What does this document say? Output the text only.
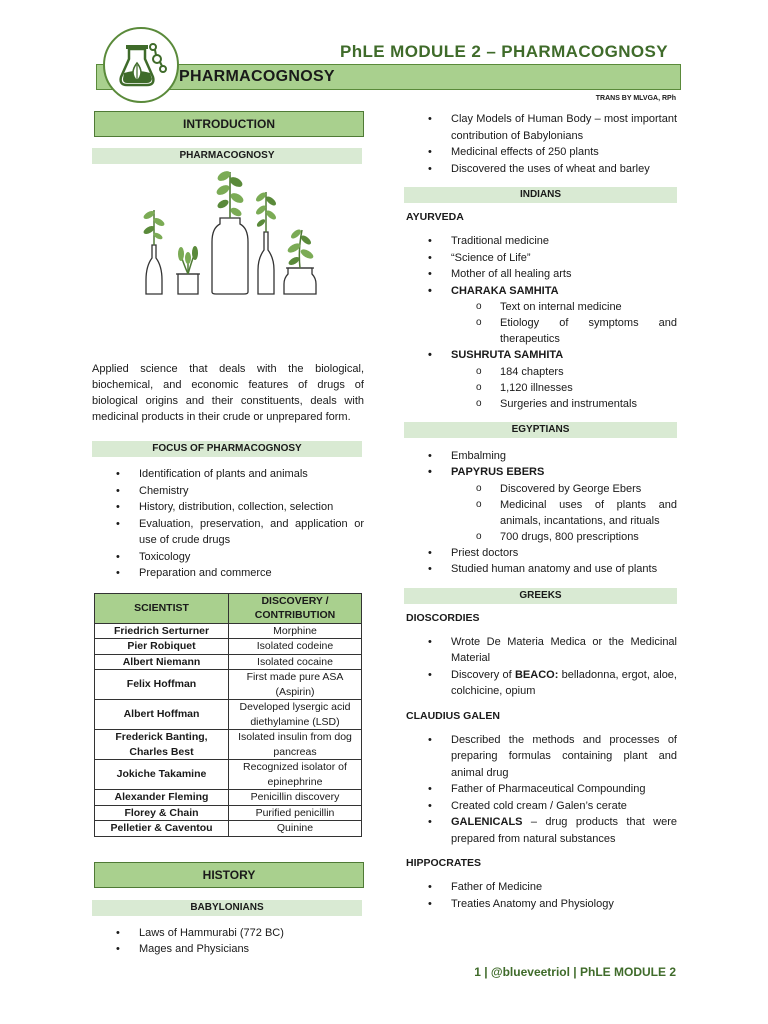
PhLE MODULE 2 – PHARMACOGNOSY
PHARMACOGNOSY
TRANS BY MLVGA, RPh
INTRODUCTION
PHARMACOGNOSY

Applied science that deals with the biological, biochemical, and economic features of drugs of biological origins and their constituents, deals with medicinal products in their crude or unprepared form.

FOCUS OF PHARMACOGNOSY
• Identification of plants and animals
• Chemistry
• History, distribution, collection, selection
• Evaluation, preservation, and application or use of crude drugs
• Toxicology
• Preparation and commerce
SCIENTIST	DISCOVERY / CONTRIBUTION
Friedrich Serturner	Morphine
Pier Robiquet	Isolated codeine
Albert Niemann	Isolated cocaine
Felix Hoffman	First made pure ASA (Aspirin)
Albert Hoffman	Developed lysergic acid diethylamine (LSD)
Frederick Banting, Charles Best	Isolated insulin from dog pancreas
Jokiche Takamine	Recognized isolator of epinephrine
Alexander Fleming	Penicillin discovery
Florey & Chain	Purified penicillin
Pelletier & Caventou	Quinine
HISTORY
BABYLONIANS
• Laws of Hammurabi (772 BC)
• Mages and Physicians
• Clay Models of Human Body – most important contribution of Babylonians
• Medicinal effects of 250 plants
• Discovered the uses of wheat and barley
INDIANS
AYURVEDA
• Traditional medicine
• “Science of Life”
• Mother of all healing arts
• CHARAKA SAMHITA
o Text on internal medicine
o Etiology of symptoms and therapeutics
• SUSHRUTA SAMHITA
o 184 chapters
o 1,120 illnesses
o Surgeries and instrumentals
EGYPTIANS
• Embalming
• PAPYRUS EBERS
o Discovered by George Ebers
o Medicinal uses of plants and animals, incantations, and rituals
o 700 drugs, 800 prescriptions
• Priest doctors
• Studied human anatomy and use of plants
GREEKS
DIOSCORDIES
• Wrote De Materia Medica or the Medicinal Material
• Discovery of BEACO: belladonna, ergot, aloe, colchicine, opium
CLAUDIUS GALEN
• Described the methods and processes of preparing formulas containing plant and animal drug
• Father of Pharmaceutical Compounding
• Created cold cream / Galen’s cerate
• GALENICALS – drug products that were prepared from natural substances
HIPPOCRATES
• Father of Medicine
• Treaties Anatomy and Physiology
1 | @blueveetriol | PhLE MODULE 2
